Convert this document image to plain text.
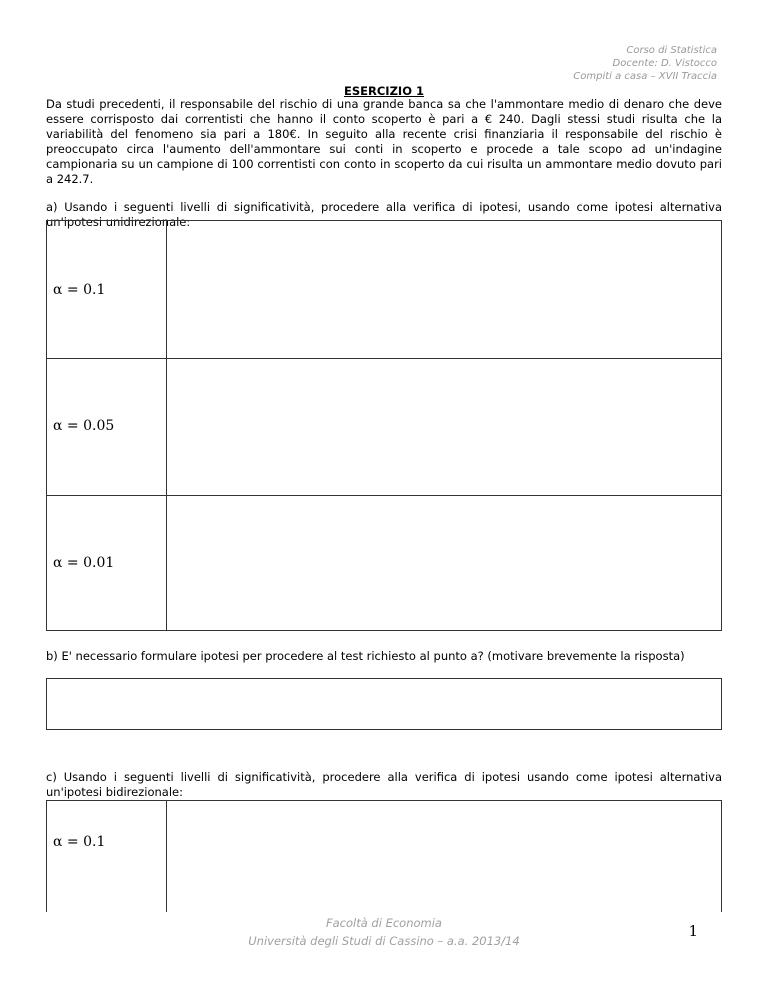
Corso di Statistica
Docente: D. Vistocco
Compiti a casa – XVII Traccia
ESERCIZIO 1
Da studi precedenti, il responsabile del rischio di una grande banca sa che l'ammontare medio di denaro che deve essere corrisposto dai correntisti che hanno il conto scoperto è pari a € 240. Dagli stessi studi risulta che la variabilità del fenomeno sia pari a 180€. In seguito alla recente crisi finanziaria il responsabile del rischio è preoccupato circa l'aumento dell'ammontare sui conti in scoperto e procede a tale scopo ad un'indagine campionaria su un campione di 100 correntisti con conto in scoperto da cui risulta un ammontare medio dovuto pari a 242.7.
a) Usando i seguenti livelli di significatività, procedere alla verifica di ipotesi, usando come ipotesi alternativa un'ipotesi unidirezionale:
α = 0.1
α = 0.05
α = 0.01
b) E' necessario formulare ipotesi per procedere al test richiesto al punto a? (motivare brevemente la risposta)
c) Usando i seguenti livelli di significatività, procedere alla verifica di ipotesi usando come ipotesi alternativa un'ipotesi bidirezionale:
α = 0.1
Facoltà di Economia
Università degli Studi di Cassino – a.a. 2013/14
1
